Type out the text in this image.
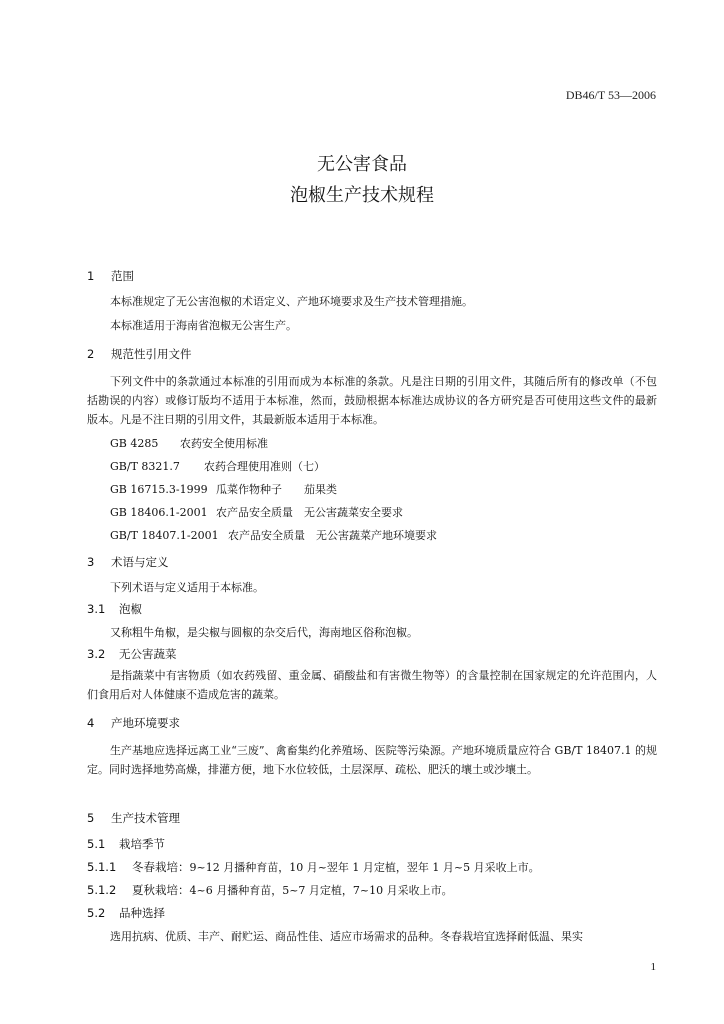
DB46/T 53—2006
无公害食品
泡椒生产技术规程
1 范围
本标准规定了无公害泡椒的术语定义、产地环境要求及生产技术管理措施。
本标准适用于海南省泡椒无公害生产。
2 规范性引用文件
下列文件中的条款通过本标准的引用而成为本标准的条款。凡是注日期的引用文件，其随后所有的修改单（不包括勘误的内容）或修订版均不适用于本标准，然而，鼓励根据本标准达成协议的各方研究是否可使用这些文件的最新版本。凡是不注日期的引用文件，其最新版本适用于本标准。
GB 4285 农药安全使用标准
GB/T 8321.7 农药合理使用准则（七）
GB 16715.3-1999 瓜菜作物种子　　茄果类
GB 18406.1-2001 农产品安全质量　无公害蔬菜安全要求
GB/T 18407.1-2001 农产品安全质量　无公害蔬菜产地环境要求
3 术语与定义
下列术语与定义适用于本标准。
3.1 泡椒
又称粗牛角椒，是尖椒与圆椒的杂交后代，海南地区俗称泡椒。
3.2 无公害蔬菜
是指蔬菜中有害物质（如农药残留、重金属、硝酸盐和有害微生物等）的含量控制在国家规定的允许范围内，人们食用后对人体健康不造成危害的蔬菜。
4 产地环境要求
生产基地应选择远离工业“三废”、禽畜集约化养殖场、医院等污染源。产地环境质量应符合 GB/T 18407.1 的规定。同时选择地势高燥，排灌方便，地下水位较低，土层深厚、疏松、肥沃的壤土或沙壤土。
5 生产技术管理
5.1 栽培季节
5.1.1 冬春栽培：9~12 月播种育苗，10 月~翌年 1 月定植，翌年 1 月~5 月采收上市。
5.1.2 夏秋栽培：4~6 月播种育苗，5~7 月定植，7~10 月采收上市。
5.2 品种选择
选用抗病、优质、丰产、耐贮运、商品性佳、适应市场需求的品种。冬春栽培宜选择耐低温、果实
1
